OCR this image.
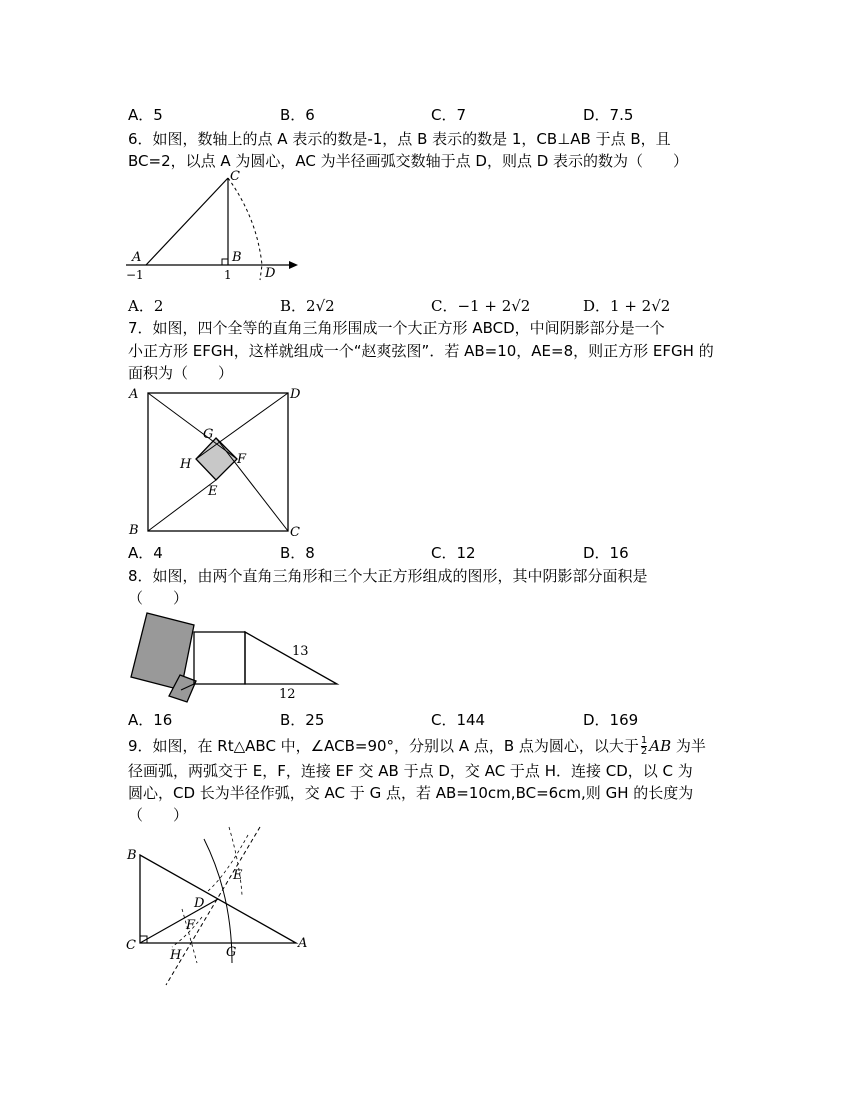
A．5	B．6	C．7	D．7.5
6．如图，数轴上的点 A 表示的数是-1，点 B 表示的数是 1，CB⊥AB 于点 B，且
BC=2，以点 A 为圆心，AC 为半径画弧交数轴于点 D，则点 D 表示的数为（　　）
C
A	B
D
−1	1
A．2	B．2√2	C．−1 + 2√2	D．1 + 2√2
7．如图，四个全等的直角三角形围成一个大正方形 ABCD，中间阴影部分是一个
小正方形 EFGH，这样就组成一个“赵爽弦图”．若 AB=10，AE=8，则正方形 EFGH 的
面积为（　　）
A	D
B	C
G
H	F
E
A．4	B．8	C．12	D．16
8．如图，由两个直角三角形和三个大正方形组成的图形，其中阴影部分面积是
（　　）
13
12
A．16	B．25	C．144	D．169
9．如图，在 Rt△ABC 中，∠ACB=90°，分别以 A 点，B 点为圆心，以大于 $\frac{1}{2}$ AB 为半
径画弧，两弧交于 E，F，连接 EF 交 AB 于点 D，交 AC 于点 H．连接 CD，以 C 为
圆心，CD 长为半径作弧，交 AC 于 G 点，若 AB=10cm,BC=6cm,则 GH 的长度为
（　　）
B
E
D
F
C
H	G
A
